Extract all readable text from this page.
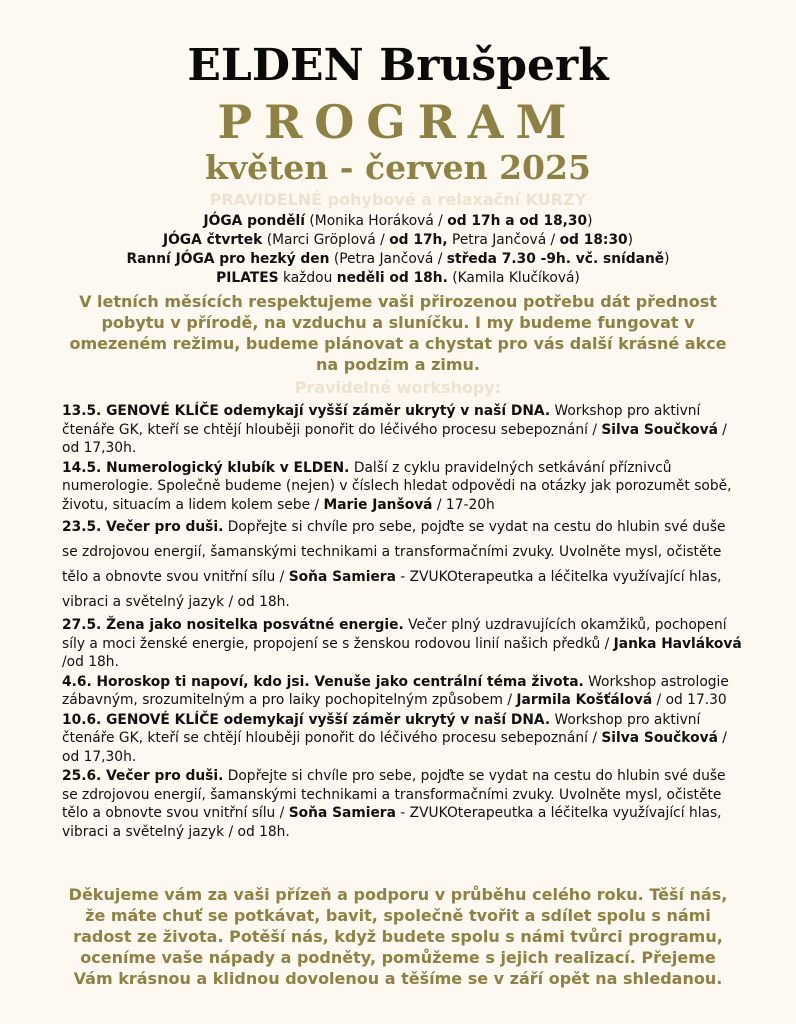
ELDEN Brušperk
PROGRAM
květen - červen 2025
PRAVIDELNÉ pohybové a relaxační KURZY
JÓGA pondělí (Monika Horáková / od 17h a od 18,30)
JÓGA čtvrtek (Marci Gröplová / od 17h, Petra Jančová / od 18:30)
Ranní JÓGA pro hezký den (Petra Jančová / středa 7.30 -9h. vč. snídaně)
PILATES každou neděli od 18h. (Kamila Klučíková)
V letních měsících respektujeme vaši přirozenou potřebu dát přednost pobytu v přírodě, na vzduchu a sluníčku. I my budeme fungovat v omezeném režimu, budeme plánovat a chystat pro vás další krásné akce na podzim a zimu.
Pravidelné workshopy:
13.5. GENOVÉ KLÍČE odemykají vyšší záměr ukrytý v naší DNA. Workshop pro aktivní čtenáře GK, kteří se chtějí hlouběji ponořit do léčivého procesu sebepoznání / Silva Součková / od 17,30h.
14.5. Numerologický klubík v ELDEN. Další z cyklu pravidelných setkávání příznivců numerologie. Společně budeme (nejen) v číslech hledat odpovědi na otázky jak porozumět sobě, životu, situacím a lidem kolem sebe / Marie Janšová / 17-20h
23.5. Večer pro duši. Dopřejte si chvíle pro sebe, pojďte se vydat na cestu do hlubin své duše se zdrojovou energií, šamanskými technikami a transformačními zvuky. Uvolněte mysl, očistěte tělo a obnovte svou vnitřní sílu / Soňa Samiera - ZVUKOterapeutka a léčitelka využívající hlas, vibraci a světelný jazyk / od 18h.
27.5. Žena jako nositelka posvátné energie. Večer plný uzdravujících okamžiků, pochopení síly a moci ženské energie, propojení se s ženskou rodovou linií našich předků / Janka Havláková /od 18h.
4.6. Horoskop ti napoví, kdo jsi. Venuše jako centrální téma života. Workshop astrologie zábavným, srozumitelným a pro laiky pochopitelným způsobem / Jarmila Košťálová / od 17.30
10.6. GENOVÉ KLÍČE odemykají vyšší záměr ukrytý v naší DNA. Workshop pro aktivní čtenáře GK, kteří se chtějí hlouběji ponořit do léčivého procesu sebepoznání / Silva Součková / od 17,30h.
25.6. Večer pro duši. Dopřejte si chvíle pro sebe, pojďte se vydat na cestu do hlubin své duše se zdrojovou energií, šamanskými technikami a transformačními zvuky. Uvolněte mysl, očistěte tělo a obnovte svou vnitřní sílu / Soňa Samiera - ZVUKOterapeutka a léčitelka využívající hlas, vibraci a světelný jazyk / od 18h.
Děkujeme vám za vaši přízeň a podporu v průběhu celého roku. Těší nás, že máte chuť se potkávat, bavit, společně tvořit a sdílet spolu s námi radost ze života. Potěší nás, když budete spolu s námi tvůrci programu, oceníme vaše nápady a podněty, pomůžeme s jejich realizací. Přejeme Vám krásnou a klidnou dovolenou a těšíme se v září opět na shledanou.
